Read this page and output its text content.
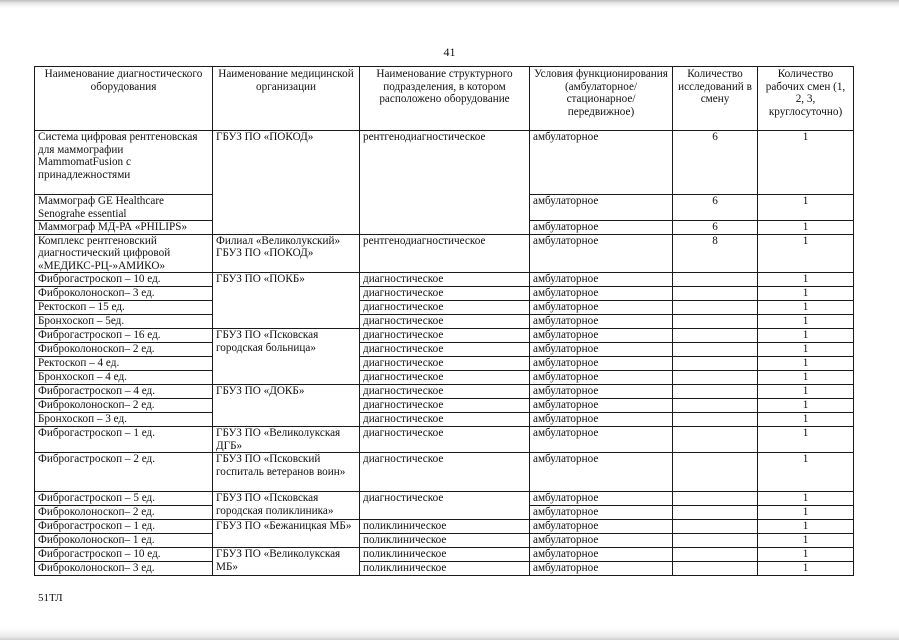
41
Наименование диагностического оборудования	Наименование медицинской организации	Наименование структурного подразделения, в котором расположено оборудование	Условия функционирования (амбулаторное/ стационарное/ передвижное)	Количество исследований в смену	Количество рабочих смен (1, 2, 3, круглосуточно)
Система цифровая рентгеновская для маммографии MammomatFusion с принадлежностями	ГБУЗ ПО «ПОКОД»	рентгенодиагностическое	амбулаторное	6	1
Маммограф GE Healthcare Senograhe essential			амбулаторное	6	1
Маммограф МД-РА «PHILIPS»			амбулаторное	6	1
Комплекс рентгеновский диагностический цифровой «МЕДИКС-РЦ-»АМИКО»	Филиал «Великолукский» ГБУЗ ПО «ПОКОД»	рентгенодиагностическое	амбулаторное	8	1
Фиброгастроскоп – 10 ед.	ГБУЗ ПО «ПОКБ»	диагностическое	амбулаторное		1
Фиброколоноскоп– 3 ед.		диагностическое	амбулаторное		1
Ректоскоп – 15 ед.		диагностическое	амбулаторное		1
Бронхоскоп – 5ед.		диагностическое	амбулаторное		1
Фиброгастроскоп – 16 ед.	ГБУЗ ПО «Псковская городская больница»	диагностическое	амбулаторное		1
Фиброколоноскоп– 2 ед.		диагностическое	амбулаторное		1
Ректоскоп – 4 ед.		диагностическое	амбулаторное		1
Бронхоскоп – 4 ед.		диагностическое	амбулаторное		1
Фиброгастроскоп – 4 ед.	ГБУЗ ПО «ДОКБ»	диагностическое	амбулаторное		1
Фиброколоноскоп– 2 ед.		диагностическое	амбулаторное		1
Бронхоскоп – 3 ед.		диагностическое	амбулаторное		1
Фиброгастроскоп – 1 ед.	ГБУЗ ПО «Великолукская ДГБ»	диагностическое	амбулаторное		1
Фиброгастроскоп – 2 ед.	ГБУЗ ПО «Псковский госпиталь ветеранов воин»	диагностическое	амбулаторное		1
Фиброгастроскоп – 5 ед.	ГБУЗ ПО «Псковская городская поликлиника»	диагностическое	амбулаторное		1
Фиброколоноскоп– 2 ед.			амбулаторное		1
Фиброгастроскоп – 1 ед.	ГБУЗ ПО «Бежаницкая МБ»	поликлиническое	амбулаторное		1
Фиброколоноскоп– 1 ед.		поликлиническое	амбулаторное		1
Фиброгастроскоп – 10 ед.	ГБУЗ ПО «Великолукская МБ»	поликлиническое	амбулаторное		1
Фиброколоноскоп– 3 ед.		поликлиническое	амбулаторное		1
51ТЛ
